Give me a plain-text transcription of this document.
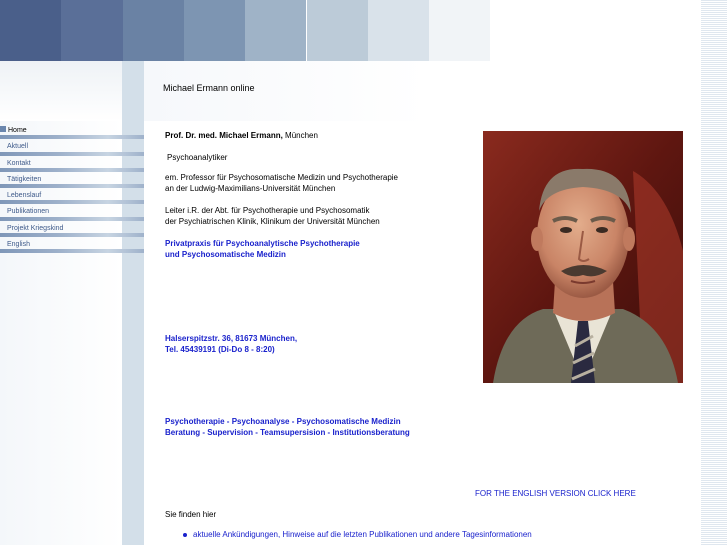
Michael Ermann online
Home
Aktuell
Kontakt
Tätigkeiten
Lebenslauf
Publikationen
Projekt Kriegskind
English
Prof. Dr. med. Michael Ermann, München
Psychoanalytiker
em. Professor für Psychosomatische Medizin und Psychotherapie
an der Ludwig-Maximilians-Universität München
Leiter i.R. der Abt. für Psychotherapie und Psychosomatik
der Psychiatrischen Klinik, Klinikum der Universität München
Privatpraxis für Psychoanalytische Psychotherapie
und Psychosomatische Medizin
Halserspitzstr. 36, 81673 München,
Tel. 45439191 (Di-Do 8 - 8:20)
Psychotherapie - Psychoanalyse - Psychosomatische Medizin
Beratung - Supervision - Teamsupersision - Institutionsberatung
FOR THE ENGLISH VERSION CLICK HERE
Sie finden hier
aktuelle Ankündigungen, Hinweise auf die letzten Publikationen und andere Tagesinformationen
